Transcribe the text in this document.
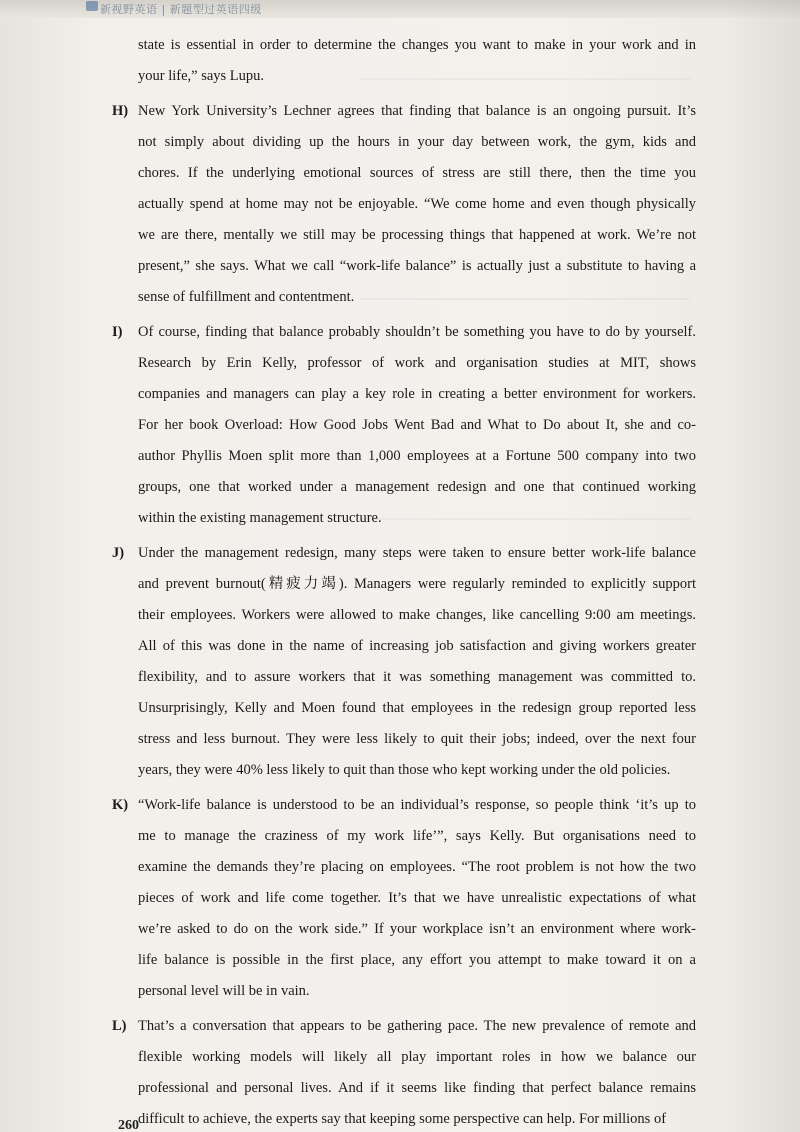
新视野英语 | 新题型过英语四级
state is essential in order to determine the changes you want to make in your work and in
your life,” says Lupu.
H) New York University’s Lechner agrees that finding that balance is an ongoing pursuit. It’s
not simply about dividing up the hours in your day between work, the gym, kids and
chores. If the underlying emotional sources of stress are still there, then the time you
actually spend at home may not be enjoyable. “We come home and even though physically
we are there, mentally we still may be processing things that happened at work. We’re not
present,” she says. What we call “work-life balance” is actually just a substitute to having a
sense of fulfillment and contentment.
I)	Of course, finding that balance probably shouldn’t be something you have to do by yourself.
Research by Erin Kelly, professor of work and organisation studies at MIT, shows
companies and managers can play a key role in creating a better environment for workers.
For her book Overload: How Good Jobs Went Bad and What to Do about It, she and co-
author Phyllis Moen split more than 1,000 employees at a Fortune 500 company into two
groups, one that worked under a management redesign and one that continued working
within the existing management structure.
J) Under the management redesign, many steps were taken to ensure better work-life balance
and prevent burnout(精疲力竭). Managers were regularly reminded to explicitly support
their employees. Workers were allowed to make changes, like cancelling 9:00 am meetings.
All of this was done in the name of increasing job satisfaction and giving workers greater
flexibility, and to assure workers that it was something management was committed to.
Unsurprisingly, Kelly and Moen found that employees in the redesign group reported less
stress and less burnout. They were less likely to quit their jobs; indeed, over the next four
years, they were 40% less likely to quit than those who kept working under the old policies.
K) “Work-life balance is understood to be an individual’s response, so people think ‘it’s up to
me to manage the craziness of my work life’”, says Kelly. But organisations need to
examine the demands they’re placing on employees. “The root problem is not how the two
pieces of work and life come together. It’s that we have unrealistic expectations of what
we’re asked to do on the work side.” If your workplace isn’t an environment where work-
life balance is possible in the first place, any effort you attempt to make toward it on a
personal level will be in vain.
L) That’s a conversation that appears to be gathering pace. The new prevalence of remote and
flexible working models will likely all play important roles in how we balance our
professional and personal lives. And if it seems like finding that perfect balance remains
difficult to achieve, the experts say that keeping some perspective can help. For millions of
260
